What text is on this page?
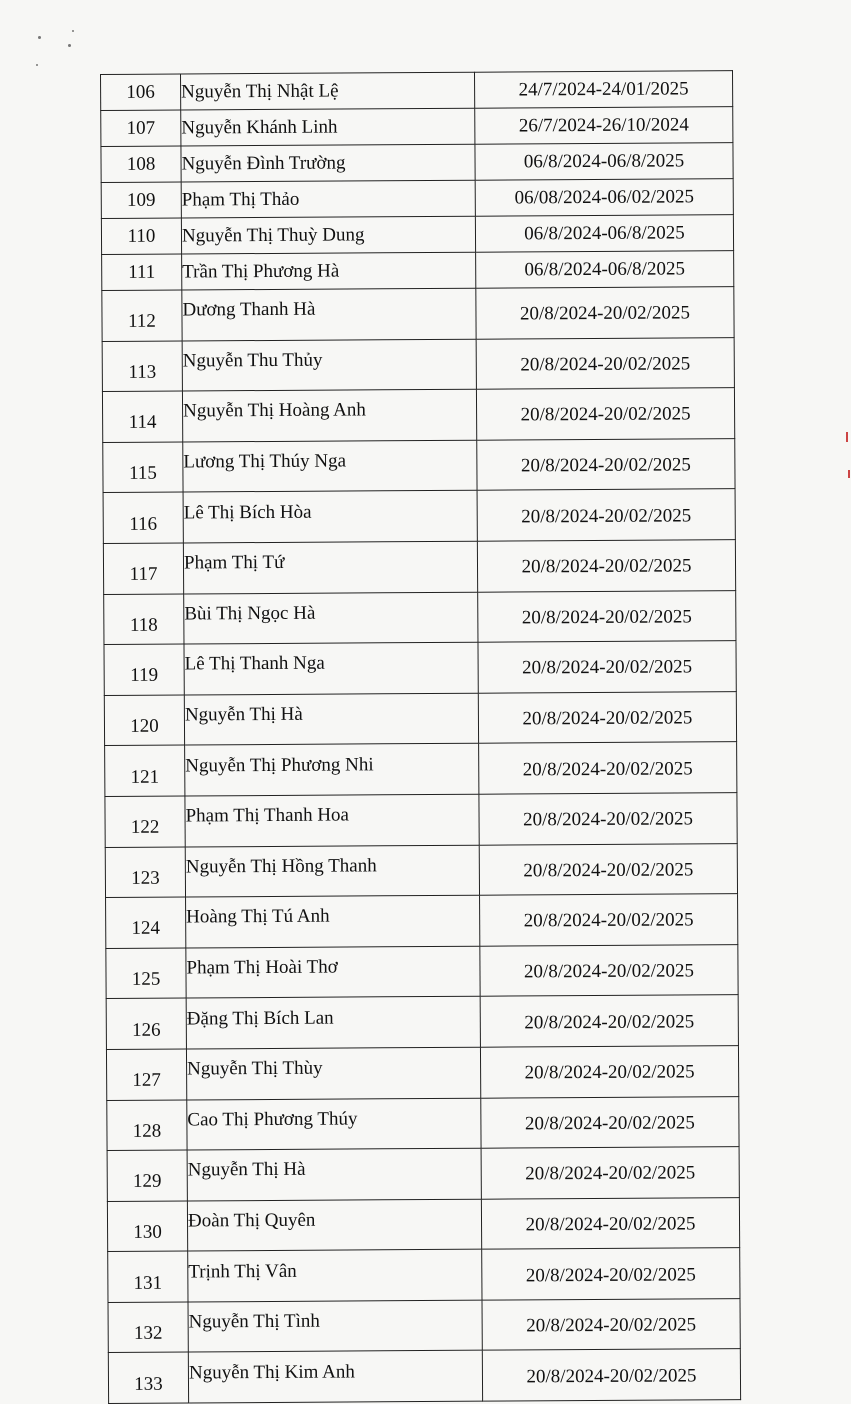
106	Nguyễn Thị Nhật Lệ	24/7/2024-24/01/2025
107	Nguyễn Khánh Linh	26/7/2024-26/10/2024
108	Nguyễn Đình Trường	06/8/2024-06/8/2025
109	Phạm Thị Thảo	06/08/2024-06/02/2025
110	Nguyễn Thị Thuỳ Dung	06/8/2024-06/8/2025
111	Trần Thị Phương Hà	06/8/2024-06/8/2025
112	Dương Thanh Hà	20/8/2024-20/02/2025
113	Nguyễn Thu Thủy	20/8/2024-20/02/2025
114	Nguyễn Thị Hoàng Anh	20/8/2024-20/02/2025
115	Lương Thị Thúy Nga	20/8/2024-20/02/2025
116	Lê Thị Bích Hòa	20/8/2024-20/02/2025
117	Phạm Thị Tứ	20/8/2024-20/02/2025
118	Bùi Thị Ngọc Hà	20/8/2024-20/02/2025
119	Lê Thị Thanh Nga	20/8/2024-20/02/2025
120	Nguyễn Thị Hà	20/8/2024-20/02/2025
121	Nguyễn Thị Phương Nhi	20/8/2024-20/02/2025
122	Phạm Thị Thanh Hoa	20/8/2024-20/02/2025
123	Nguyễn Thị Hồng Thanh	20/8/2024-20/02/2025
124	Hoàng Thị Tú Anh	20/8/2024-20/02/2025
125	Phạm Thị Hoài Thơ	20/8/2024-20/02/2025
126	Đặng Thị Bích Lan	20/8/2024-20/02/2025
127	Nguyễn Thị Thùy	20/8/2024-20/02/2025
128	Cao Thị Phương Thúy	20/8/2024-20/02/2025
129	Nguyễn Thị Hà	20/8/2024-20/02/2025
130	Đoàn Thị Quyên	20/8/2024-20/02/2025
131	Trịnh Thị Vân	20/8/2024-20/02/2025
132	Nguyễn Thị Tình	20/8/2024-20/02/2025
133	Nguyễn Thị Kim Anh	20/8/2024-20/02/2025
